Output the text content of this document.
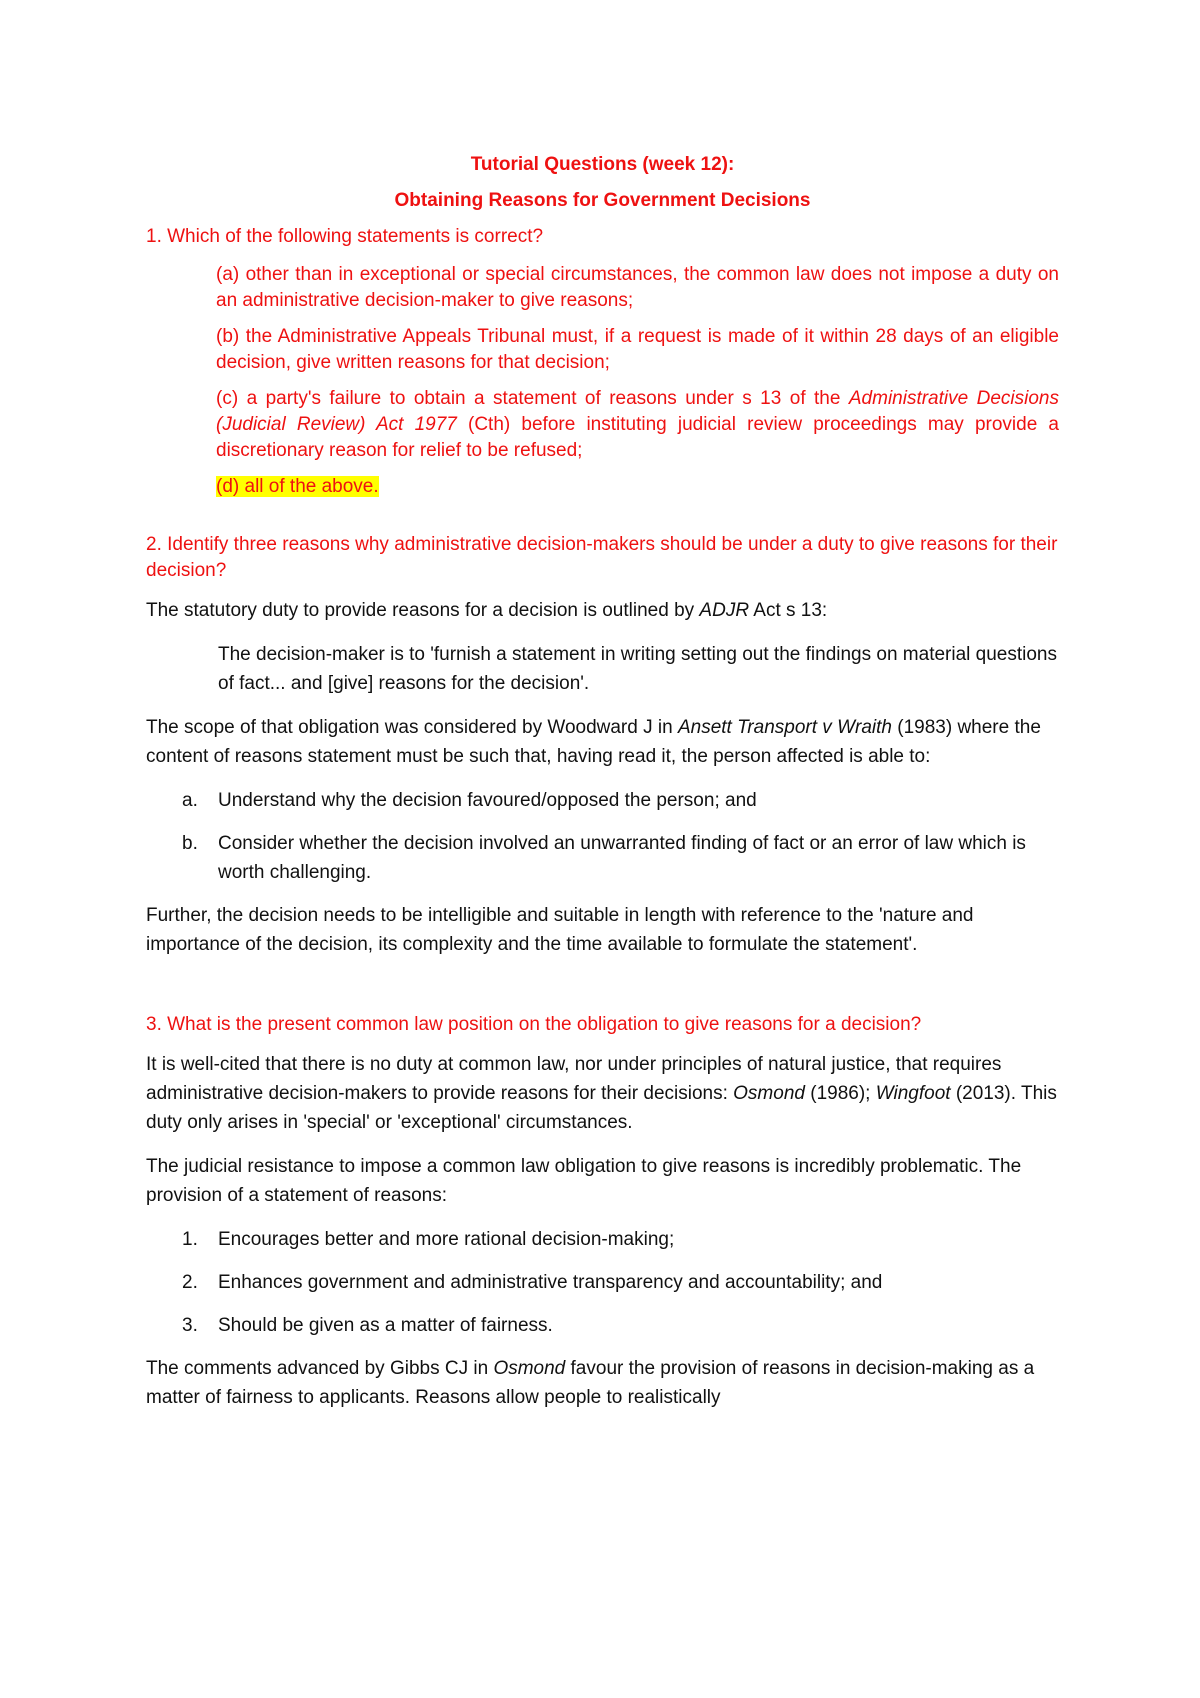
Tutorial Questions (week 12):
Obtaining Reasons for Government Decisions
1. Which of the following statements is correct?
(a) other than in exceptional or special circumstances, the common law does not impose a duty on an administrative decision-maker to give reasons;
(b) the Administrative Appeals Tribunal must, if a request is made of it within 28 days of an eligible decision, give written reasons for that decision;
(c) a party's failure to obtain a statement of reasons under s 13 of the Administrative Decisions (Judicial Review) Act 1977 (Cth) before instituting judicial review proceedings may provide a discretionary reason for relief to be refused;
(d) all of the above.
2. Identify three reasons why administrative decision-makers should be under a duty to give reasons for their decision?

The statutory duty to provide reasons for a decision is outlined by ADJR Act s 13:

The decision-maker is to 'furnish a statement in writing setting out the findings on material questions of fact... and [give] reasons for the decision'.

The scope of that obligation was considered by Woodward J in Ansett Transport v Wraith (1983) where the content of reasons statement must be such that, having read it, the person affected is able to:

a. Understand why the decision favoured/opposed the person; and
b. Consider whether the decision involved an unwarranted finding of fact or an error of law which is worth challenging.

Further, the decision needs to be intelligible and suitable in length with reference to the 'nature and importance of the decision, its complexity and the time available to formulate the statement'.

3. What is the present common law position on the obligation to give reasons for a decision?

It is well-cited that there is no duty at common law, nor under principles of natural justice, that requires administrative decision-makers to provide reasons for their decisions: Osmond (1986); Wingfoot (2013). This duty only arises in 'special' or 'exceptional' circumstances.

The judicial resistance to impose a common law obligation to give reasons is incredibly problematic. The provision of a statement of reasons:

1. Encourages better and more rational decision-making;
2. Enhances government and administrative transparency and accountability; and
3. Should be given as a matter of fairness.

The comments advanced by Gibbs CJ in Osmond favour the provision of reasons in decision-making as a matter of fairness to applicants. Reasons allow people to realistically
